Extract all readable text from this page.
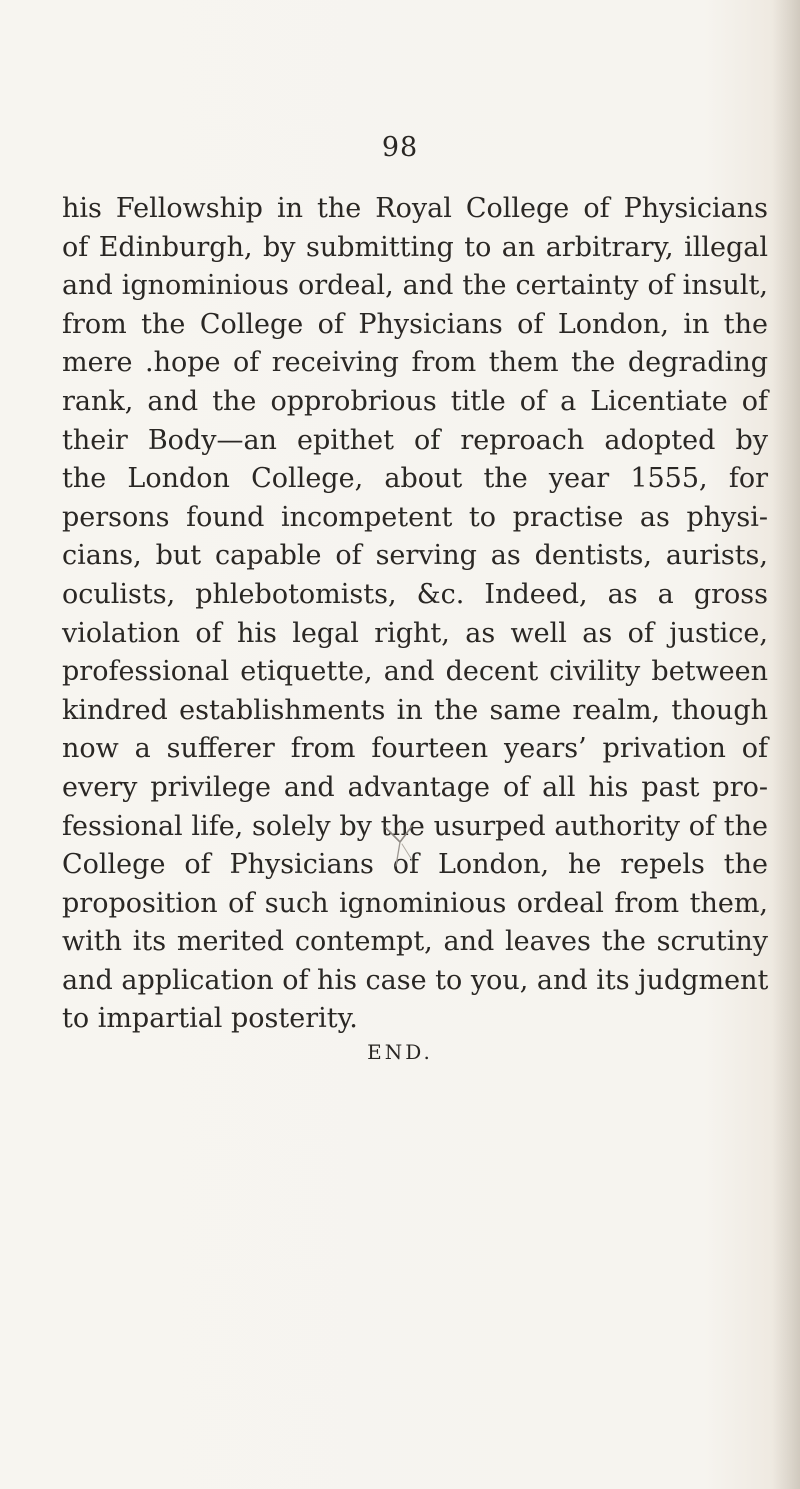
98
his Fellowship in the Royal College of Physicians
of Edinburgh, by submitting to an arbitrary, illegal
and ignominious ordeal, and the certainty of insult,
from the College of Physicians of London, in the
mere .hope of receiving from them the degrading
rank, and the opprobrious title of a Licentiate of
their Body—an epithet of reproach adopted by
the London College, about the year 1555, for
persons found incompetent to practise as physi-
cians, but capable of serving as dentists, aurists,
oculists, phlebotomists, &c. Indeed, as a gross
violation of his legal right, as well as of justice,
professional etiquette, and decent civility between
kindred establishments in the same realm, though
now a sufferer from fourteen years’ privation of
every privilege and advantage of all his past pro-
fessional life, solely by the usurped authority of the
College of Physicians of London, he repels the
proposition of such ignominious ordeal from them,
with its merited contempt, and leaves the scrutiny
and application of his case to you, and its judgment
to impartial posterity.
END.
